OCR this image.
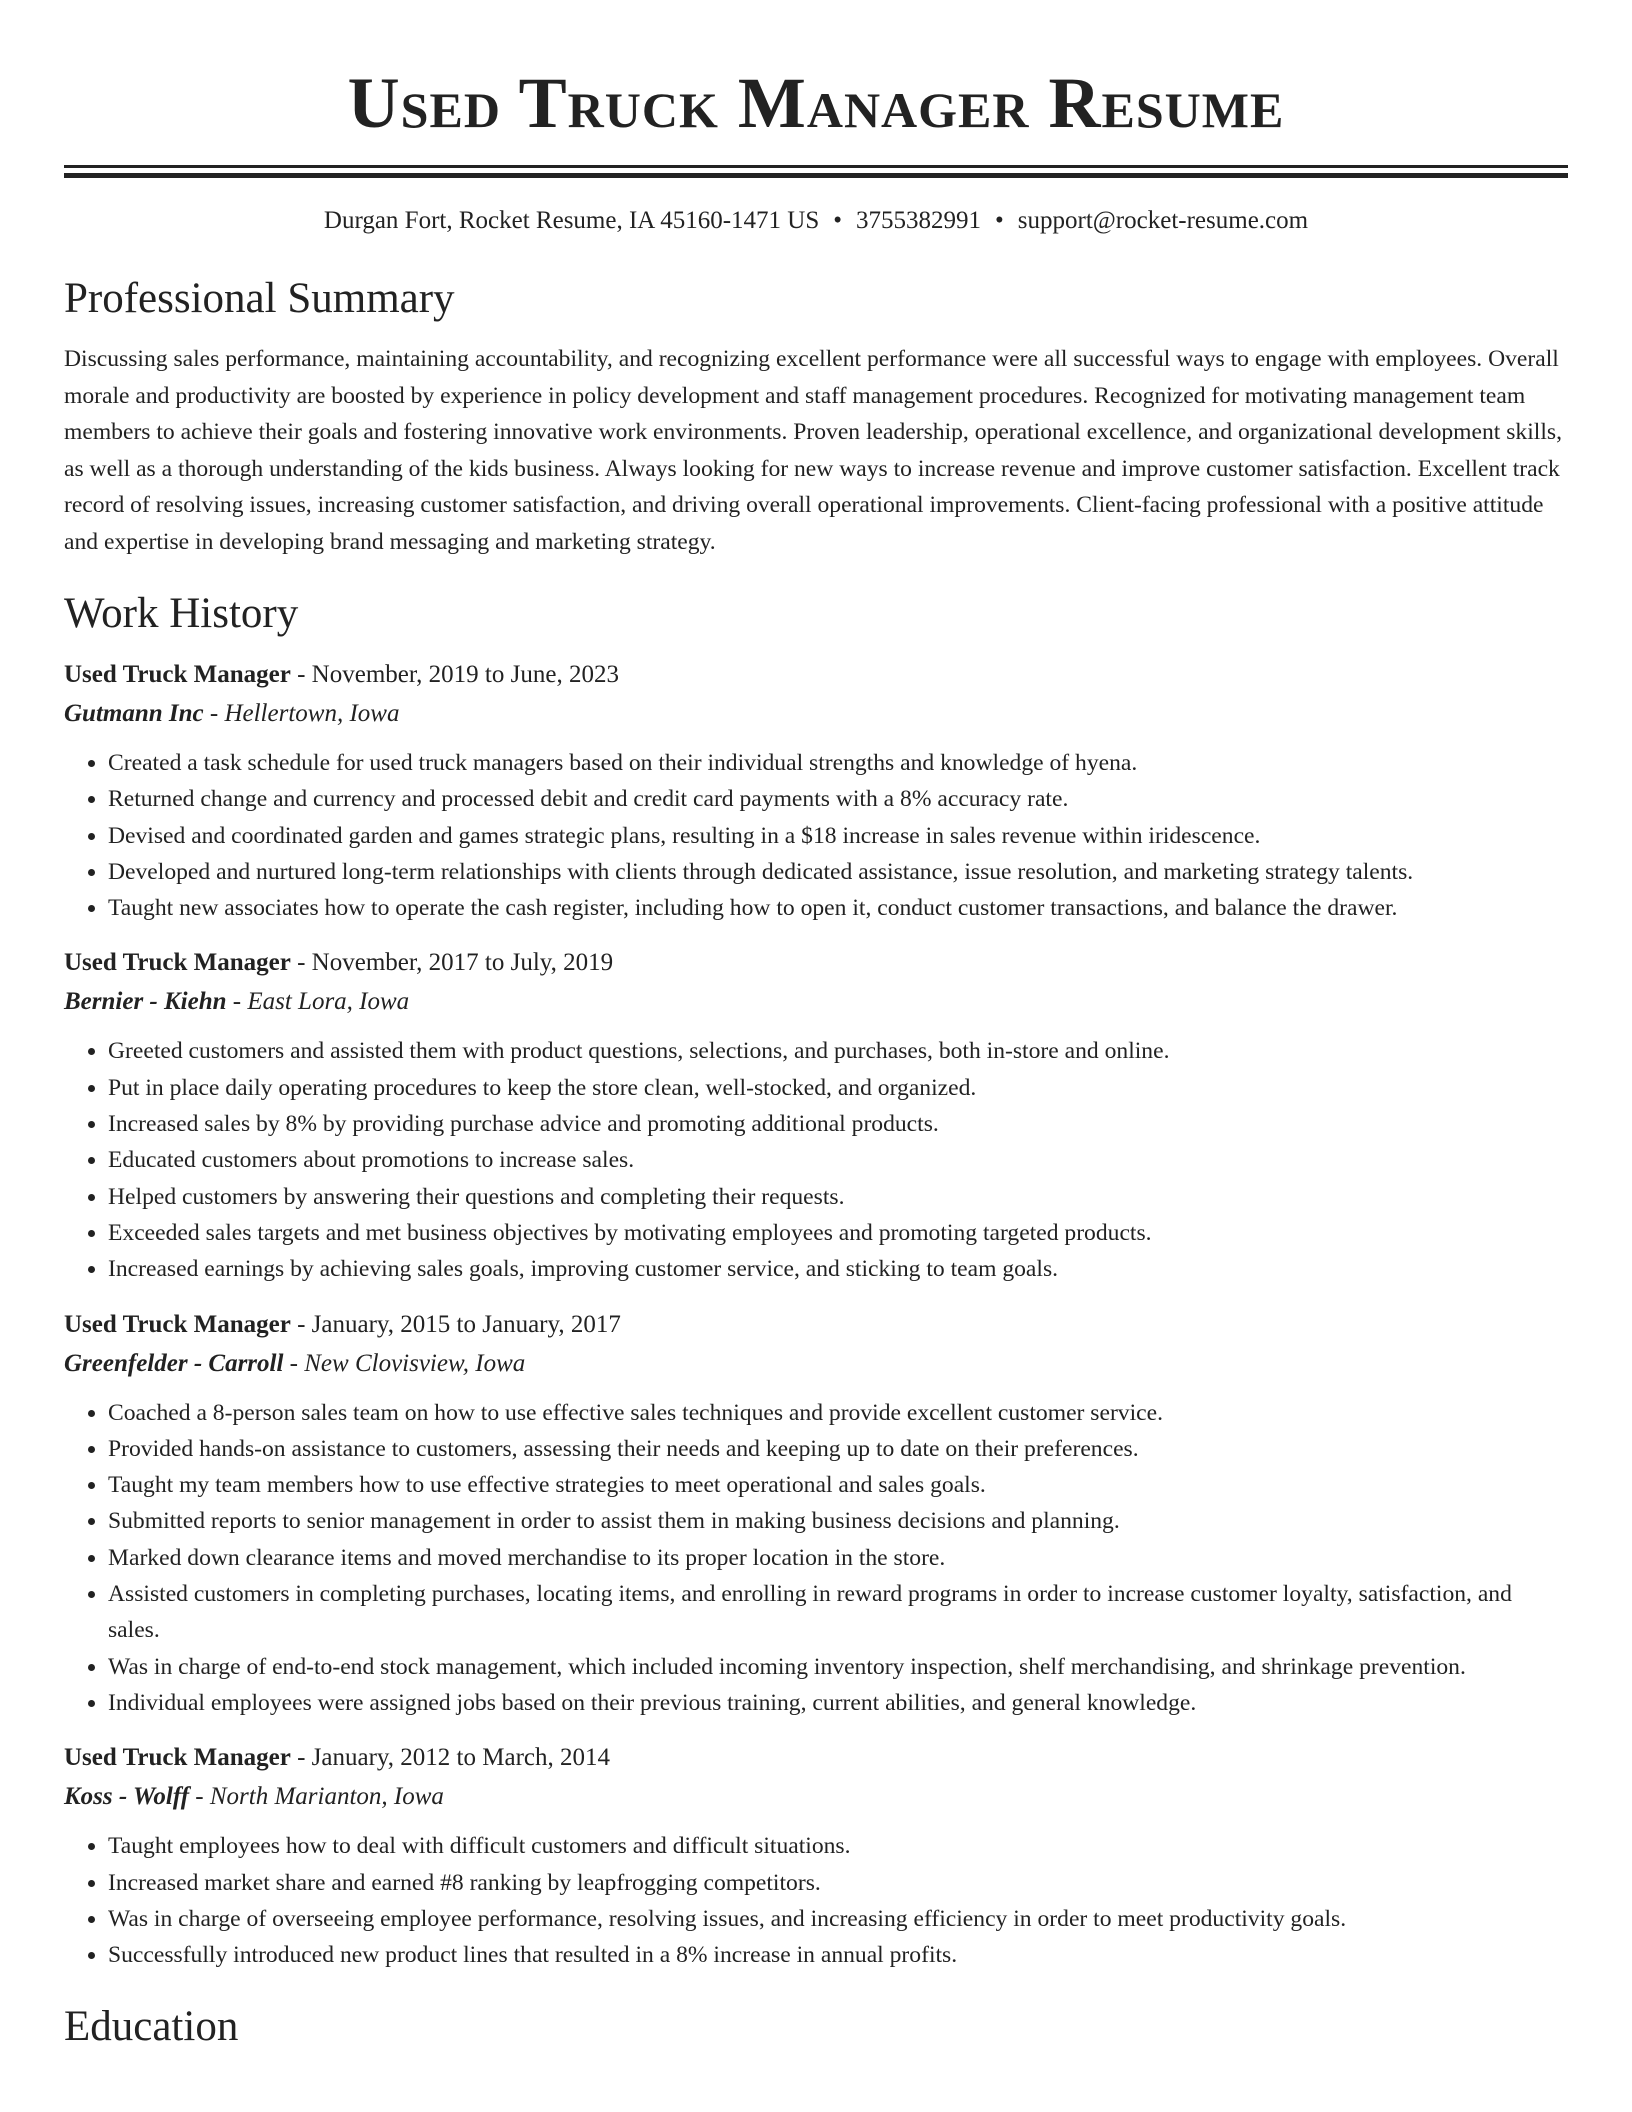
Used Truck Manager Resume
Durgan Fort, Rocket Resume, IA 45160-1471 US • 3755382991 • support@rocket-resume.com
Professional Summary

Discussing sales performance, maintaining accountability, and recognizing excellent performance were all successful ways to engage with employees. Overall morale and productivity are boosted by experience in policy development and staff management procedures. Recognized for motivating management team members to achieve their goals and fostering innovative work environments. Proven leadership, operational excellence, and organizational development skills, as well as a thorough understanding of the kids business. Always looking for new ways to increase revenue and improve customer satisfaction. Excellent track record of resolving issues, increasing customer satisfaction, and driving overall operational improvements. Client-facing professional with a positive attitude and expertise in developing brand messaging and marketing strategy.

Work History
Used Truck Manager - November, 2019 to June, 2023
Gutmann Inc - Hellertown, Iowa
• Created a task schedule for used truck managers based on their individual strengths and knowledge of hyena.
• Returned change and currency and processed debit and credit card payments with a 8% accuracy rate.
• Devised and coordinated garden and games strategic plans, resulting in a $18 increase in sales revenue within iridescence.
• Developed and nurtured long-term relationships with clients through dedicated assistance, issue resolution, and marketing strategy talents.
• Taught new associates how to operate the cash register, including how to open it, conduct customer transactions, and balance the drawer.
Used Truck Manager - November, 2017 to July, 2019
Bernier - Kiehn - East Lora, Iowa
• Greeted customers and assisted them with product questions, selections, and purchases, both in-store and online.
• Put in place daily operating procedures to keep the store clean, well-stocked, and organized.
• Increased sales by 8% by providing purchase advice and promoting additional products.
• Educated customers about promotions to increase sales.
• Helped customers by answering their questions and completing their requests.
• Exceeded sales targets and met business objectives by motivating employees and promoting targeted products.
• Increased earnings by achieving sales goals, improving customer service, and sticking to team goals.
Used Truck Manager - January, 2015 to January, 2017
Greenfelder - Carroll - New Clovisview, Iowa
• Coached a 8-person sales team on how to use effective sales techniques and provide excellent customer service.
• Provided hands-on assistance to customers, assessing their needs and keeping up to date on their preferences.
• Taught my team members how to use effective strategies to meet operational and sales goals.
• Submitted reports to senior management in order to assist them in making business decisions and planning.
• Marked down clearance items and moved merchandise to its proper location in the store.
• Assisted customers in completing purchases, locating items, and enrolling in reward programs in order to increase customer loyalty, satisfaction, and sales.
• Was in charge of end-to-end stock management, which included incoming inventory inspection, shelf merchandising, and shrinkage prevention.
• Individual employees were assigned jobs based on their previous training, current abilities, and general knowledge.
Used Truck Manager - January, 2012 to March, 2014
Koss - Wolff - North Marianton, Iowa
• Taught employees how to deal with difficult customers and difficult situations.
• Increased market share and earned #8 ranking by leapfrogging competitors.
• Was in charge of overseeing employee performance, resolving issues, and increasing efficiency in order to meet productivity goals.
• Successfully introduced new product lines that resulted in a 8% increase in annual profits.
Education
